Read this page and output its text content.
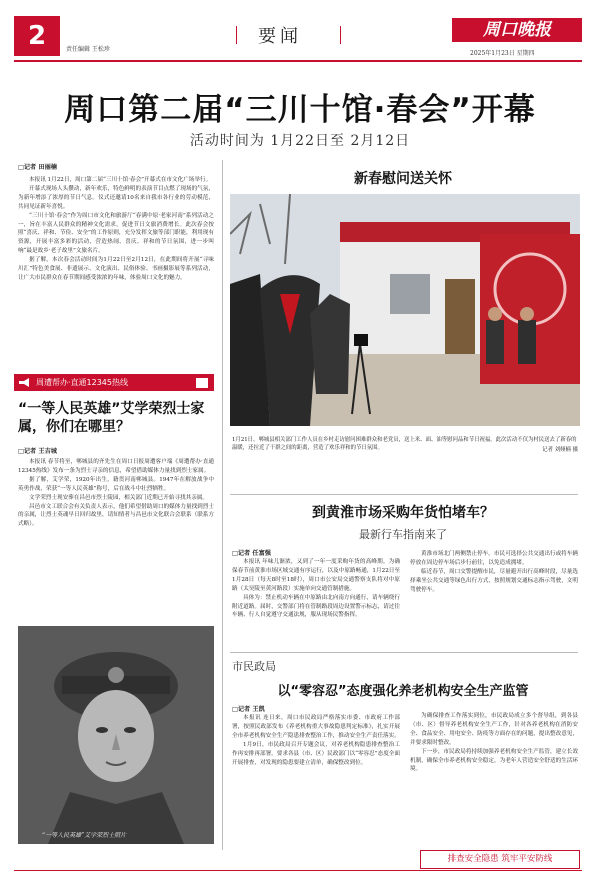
2	责任编辑 王松珍
要闻	周口晚报
2025年1月23日 星期四
周口第二届“三川十馆·春会”开幕
活动时间为 1月22日至 2月12日
□记者 田丽楠

本报讯 1月22日，周口第二届“三川十馆·春会”开幕式在市文化广场举行。

开幕式现场人头攒动，新年欢乐，特色鲜明的表演节目点燃了现场的气氛，为新年增添了浓厚的节日气息。仪式还邀请10名来自我市各行业的劳动模范，共同见证新年喜悦。

“三川十馆·春会”作为周口市文化和旅游厅“春满中原·老家河南”系列活动之一，旨在丰富人民群众的精神文化需求，促进节日文旅消费增长。此次春会按照“喜庆、祥和、节俭、安全”的工作原则，充分发挥文旅等部门职能，利用现有资源，开展丰富多彩的活动，营造热闹、喜庆、祥和的节日氛围，进一步叫响“最是故乡·老子故里”文旅名片。

据了解，本次春会活动时间为1月22日至2月12日，在此期间将开展“寻味川汇”特色美食展、非遗展示、文化演出、民俗体验、书画摄影展等系列活动，让广大市民群众在春节期间感受浓浓的年味，体验周口文化的魅力。

周遭帮办·直通12345热线
“一等人民英雄”艾学荣烈士家属，你们在哪里？
□记者 王吉城

本报讯 春节将至，郸城县的齐先生在周口日报周遭客户端《周遭帮办·直通12345热线》发布一条为烈士寻亲的信息，希望借助媒体力量找到烈士家属。

据了解，艾学荣，1920年出生，籍贯河南郸城县。1947年在解放战争中英勇作战，荣获“一等人民英雄”称号，后在战斗中壮烈牺牲。

文学荣烈士现安葬在昌邑市烈士陵园，相关部门近期已开始寻找其亲属。

昌邑市文工联合会有关负责人表示，他们希望借助周口的媒体力量找到烈士的亲属，让烈士英魂早日回归故里，请知情者与昌邑市文化联合会联系（联系方式略）。

“一等人民英雄”艾学荣烈士照片
新春慰问送关怀
1月21日，郸城县相关部门工作人员在乡村走访慰问困难群众和老党员，送上米、面、油等慰问品和节日祝福。此次活动不仅为村民送去了新春的温暖，还拉近了干群之间的距离，营造了欢乐祥和的节日氛围。	记者 刘娅楠 摄
到黄淮市场采购年货怕堵车？
最新行车指南来了
□记者 任富强

本报讯 年味儿渐浓，又到了一年一度采购年货的高峰期。为确保春节前黄淮市场区域交通有序运行，以及中原路畅通，1月22日至1月28日（每天8时至18时），周口市公安局交通警察支队将对中原路（太昊陵至黄河路段）实施单向交通管制措施。

具体为：禁止机动车辆在中原路由北向南方向通行，请车辆绕行附近道路。届时，交警部门将在管制路段周边设置警示标志，请过往车辆、行人自觉遵守交通法规，服从现场民警指挥。

黄淮市场北门两侧禁止停车。市民可选择公共交通出行或将车辆停放在周边停车场后步行前往，以免造成拥堵。

临近春节，周口交警提醒市民，尽量避开出行高峰时段，尽量选择乘坐公共交通等绿色出行方式，按照规划交通标志指示驾驶，文明驾驶停车。

市民政局
以“零容忍”态度强化养老机构安全生产监管
□记者 王凯

本报讯 连日来，周口市民政局严格落实市委、市政府工作部署，按照民政部发布《养老机构重大事故隐患判定标准》，扎实开展全市养老机构安全生产隐患排查整治工作，推动安全生产责任落实。

1月9日，市民政局召开专题会议，对养老机构隐患排查整治工作再安排再部署。要求各县（市、区）民政部门以“零容忍”态度全面开展排查，对发现的隐患要建立清单，确保整改到位。

为确保排查工作落实到位，市民政局成立多个督导组，到各县（市、区）督导养老机构安全生产工作，针对各养老机构在消防安全、食品安全、用电安全、防疫等方面存在的问题，提出整改意见，并要求限时整改。

下一步，市民政局将持续加强养老机构安全生产监管，建立长效机制，确保全市养老机构安全稳定，为老年人营造安全舒适的生活环境。

排查安全隐患 筑牢平安防线
